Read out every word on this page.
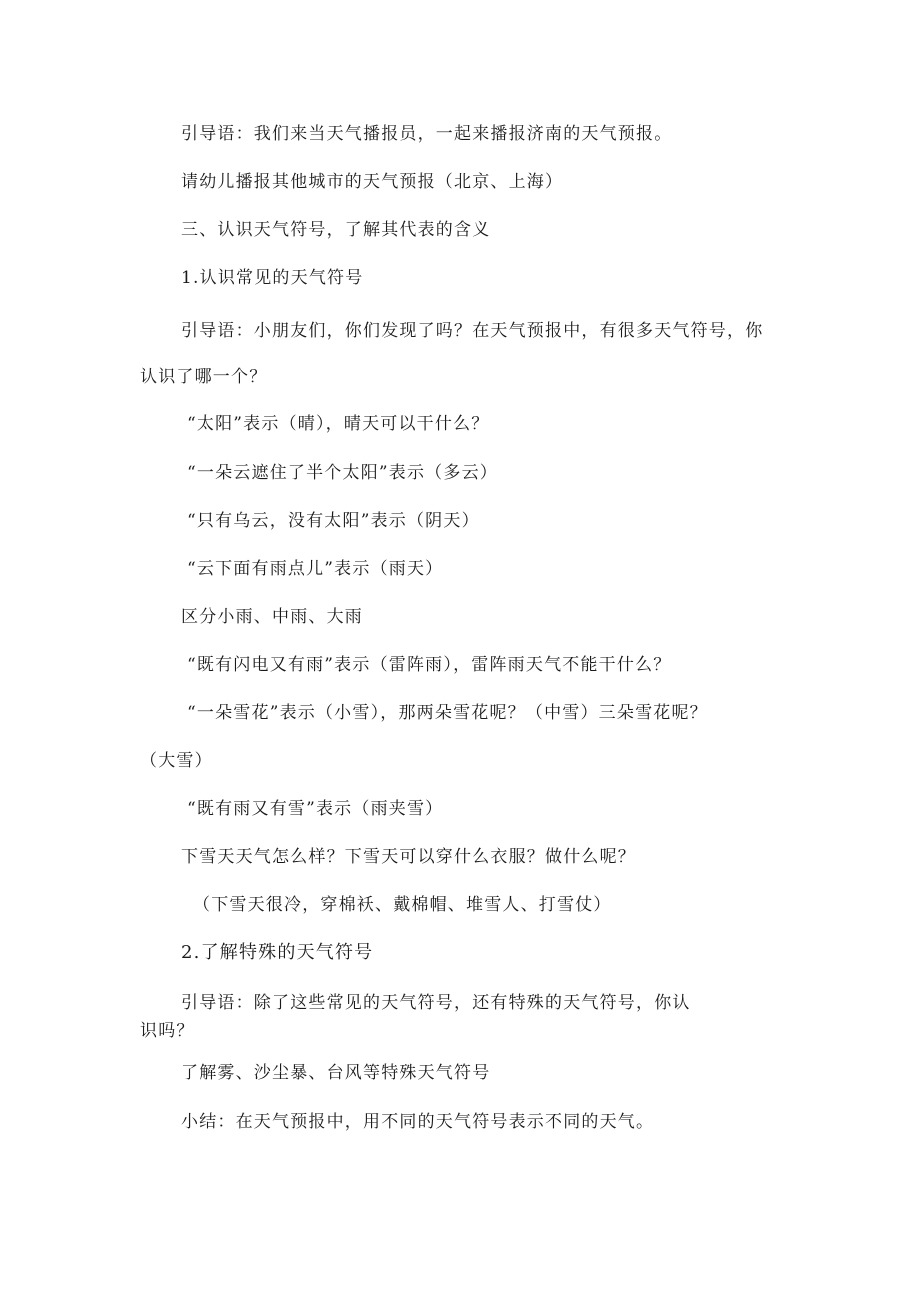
引导语：我们来当天气播报员，一起来播报济南的天气预报。
请幼儿播报其他城市的天气预报（北京、上海）
三、认识天气符号，了解其代表的含义
1.认识常见的天气符号
引导语：小朋友们，你们发现了吗？在天气预报中，有很多天气符号，你
认识了哪一个？
“太阳”表示（晴），晴天可以干什么？
“一朵云遮住了半个太阳”表示（多云）
“只有乌云，没有太阳”表示（阴天）
“云下面有雨点儿”表示（雨天）
区分小雨、中雨、大雨
“既有闪电又有雨”表示（雷阵雨），雷阵雨天气不能干什么？
“一朵雪花”表示（小雪），那两朵雪花呢？（中雪）三朵雪花呢？
（大雪）
“既有雨又有雪”表示（雨夹雪）
下雪天天气怎么样？下雪天可以穿什么衣服？做什么呢？
（下雪天很冷，穿棉袄、戴棉帽、堆雪人、打雪仗）
2.了解特殊的天气符号
引导语：除了这些常见的天气符号，还有特殊的天气符号，你认
识吗？
了解雾、沙尘暴、台风等特殊天气符号
小结：在天气预报中，用不同的天气符号表示不同的天气。
